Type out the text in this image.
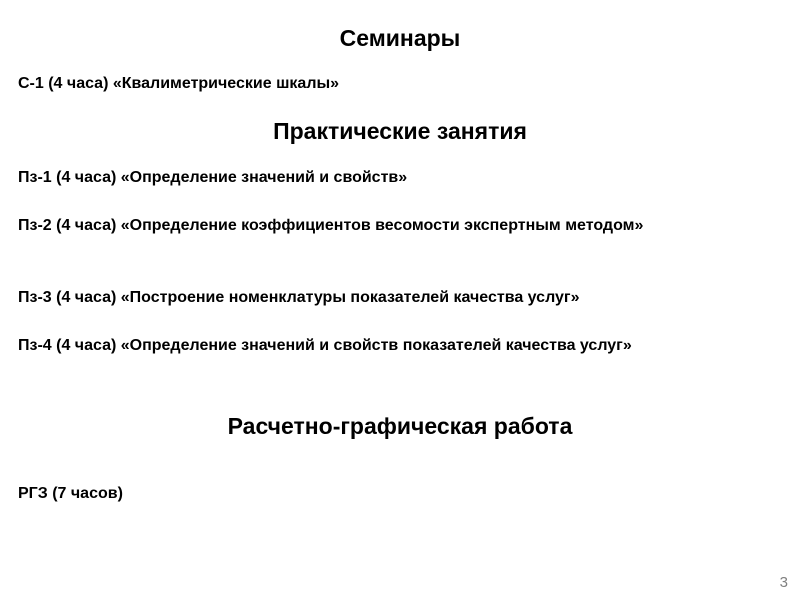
Семинары

С-1 (4 часа) «Квалиметрические шкалы»

Практические занятия

Пз-1 (4 часа) «Определение значений и свойств»

Пз-2 (4 часа) «Определение коэффициентов весомости экспертным методом»

Пз-3 (4 часа) «Построение номенклатуры показателей качества услуг»

Пз-4 (4 часа) «Определение значений и свойств показателей качества услуг»

Расчетно-графическая работа

РГЗ (7 часов)

3
